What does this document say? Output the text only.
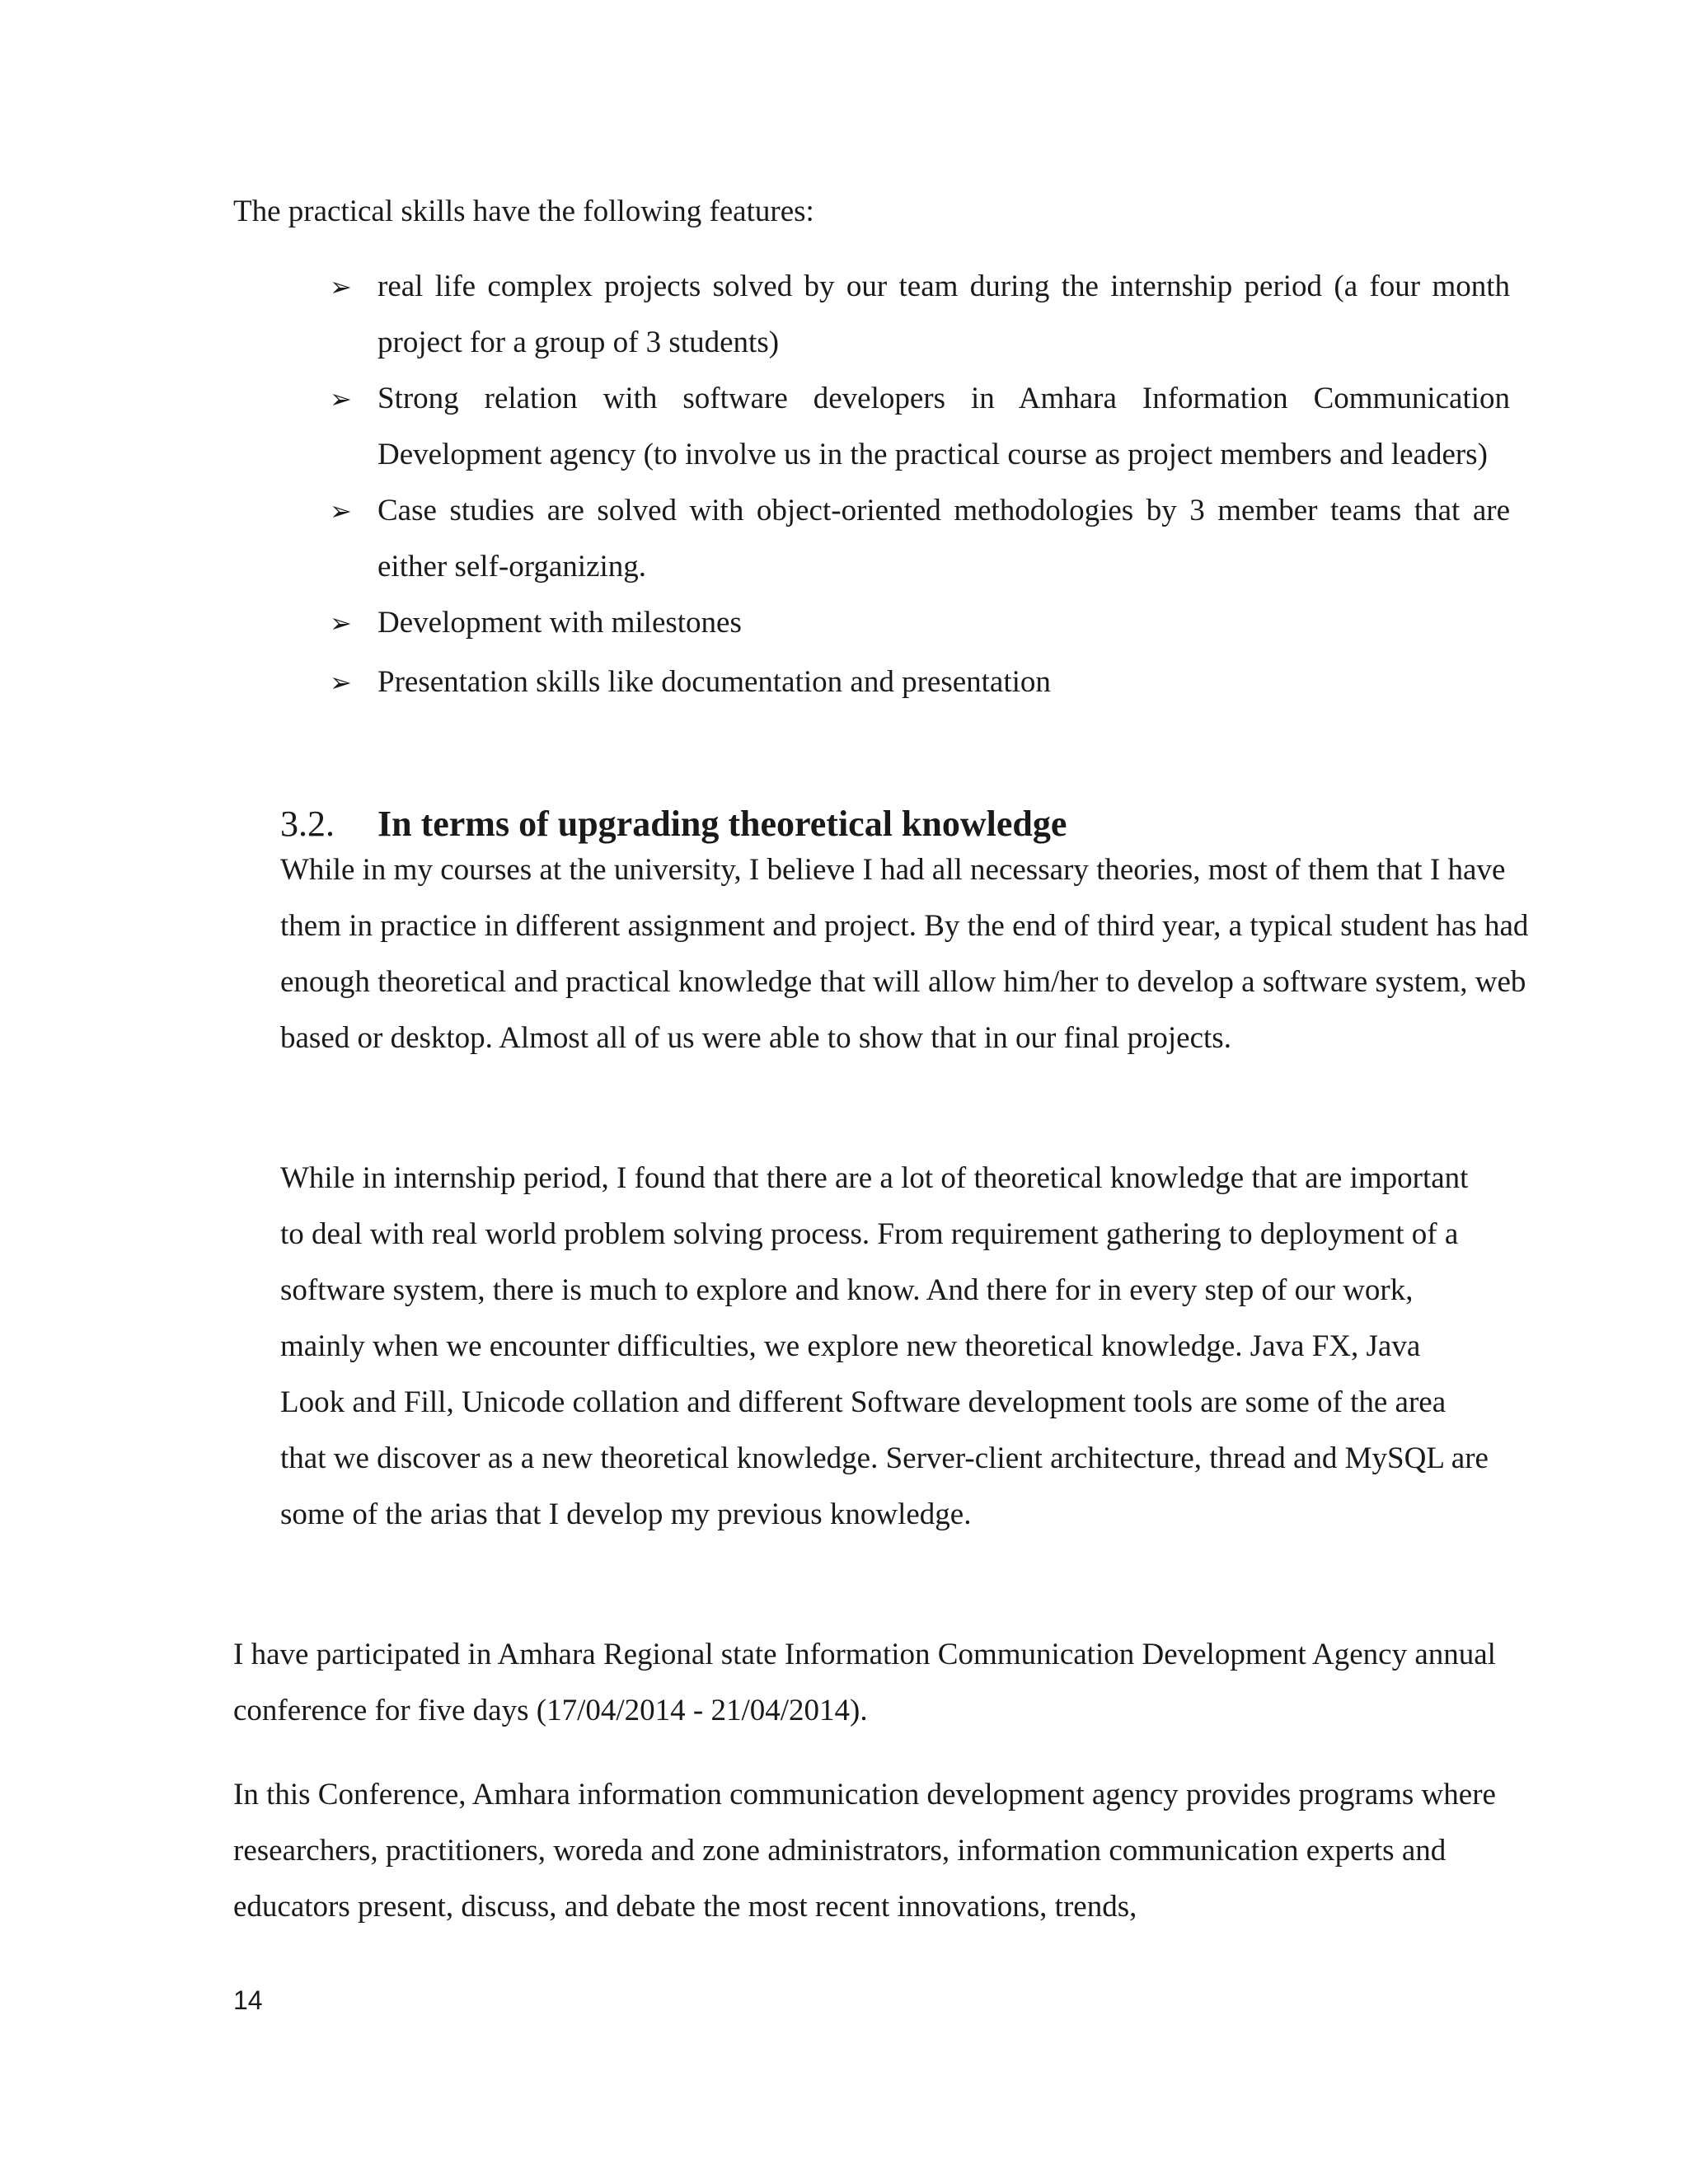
The practical skills have the following features:

➢ real life complex projects solved by our team during the internship period (a four month project for a group of 3 students)
➢ Strong relation with software developers in Amhara Information Communication Development agency (to involve us in the practical course as project members and leaders)
➢ Case studies are solved with object-oriented methodologies by 3 member teams that are either self-organizing.
➢ Development with milestones
➢ Presentation skills like documentation and presentation
3.2. In terms of upgrading theoretical knowledge

While in my courses at the university, I believe I had all necessary theories, most of them that I have them in practice in different assignment and project. By the end of third year, a typical student has had enough theoretical and practical knowledge that will allow him/her to develop a software system, web based or desktop. Almost all of us were able to show that in our final projects.

While in internship period, I found that there are a lot of theoretical knowledge that are important to deal with real world problem solving process. From requirement gathering to deployment of a software system, there is much to explore and know. And there for in every step of our work, mainly when we encounter difficulties, we explore new theoretical knowledge. Java FX, Java Look and Fill, Unicode collation and different Software development tools are some of the area that we discover as a new theoretical knowledge. Server-client architecture, thread and MySQL are some of the arias that I develop my previous knowledge.

I have participated in Amhara Regional state Information Communication Development Agency annual conference for five days (17/04/2014 - 21/04/2014).

In this Conference, Amhara information communication development agency provides programs where researchers, practitioners, woreda and zone administrators, information communication experts and educators present, discuss, and debate the most recent innovations, trends,

14
